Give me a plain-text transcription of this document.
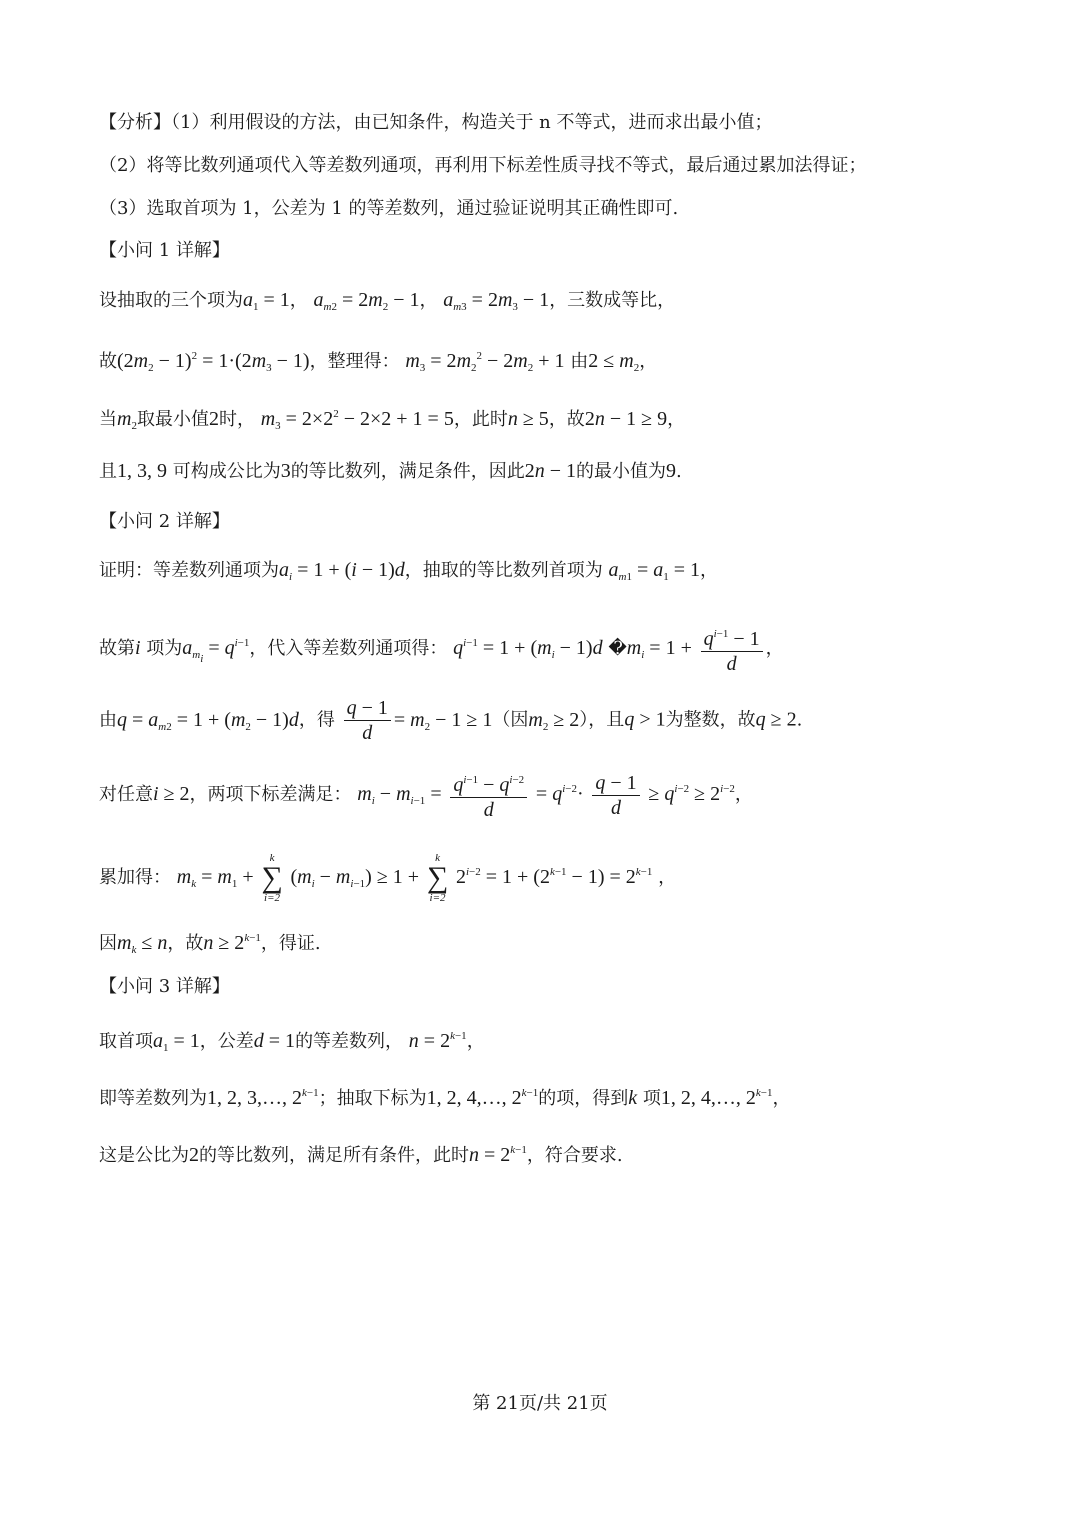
【分析】（1）利用假设的方法，由已知条件，构造关于 n 不等式，进而求出最小值；
（2）将等比数列通项代入等差数列通项，再利用下标差性质寻找不等式，最后通过累加法得证；
（3）选取首项为 1，公差为 1 的等差数列，通过验证说明其正确性即可.
【小问 1 详解】
设抽取的三个项为$a_1 = 1$， $a_{m2} = 2m_2 - 1$， $a_{m3} = 2m_3 - 1$，三数成等比，
故$(2m_2 - 1)^2 = 1\cdot(2m_3 - 1)$，整理得： $m_3 = 2m_2^2 - 2m_2 + 1$ 由$2 \le m_2$，
当$m_2$取最小值2时， $m_3 = 2\times 2^2 - 2\times 2 + 1 = 5$，此时n ≥ 5，故2n − 1 ≥ 9，
且1, 3, 9 可构成公比为3的等比数列，满足条件，因此2n − 1的最小值为9.
【小问 2 详解】
证明：等差数列通项为$a_i = 1 + (i - 1)d$，抽取的等比数列首项为 $a_{m1} = a_1 = 1$，
故第i 项为$a_{m_i} = q^{i-1}$，代入等差数列通项得： $q^{i-1} = 1 + (m_i - 1)d$ $�m_i = 1 + \frac{q^{i-1} - 1}{d}$ ，
由$q = a_{m2} = 1 + (m_2 - 1)d$，得 $\frac{q - 1}{d} = m_2 - 1 \ge 1$（因$m_2 \ge 2$），且q > 1为整数，故q ≥ 2.
对任意i ≥ 2，两项下标差满足： $m_i - m_{i-1} = \frac{q^{i-1} - q^{i-2}}{d} = q^{i-2}\cdot \frac{q - 1}{d} \ge q^{i-2} \ge 2^{i-2}$，
累加得： $m_k = m_1$ +
k
∑
i=2
$(m_i - m_{i-1}) \ge 1$ +
k
∑
i=2
$2^{i-2} = 1 + (2^{k-1} - 1) = 2^{k-1}$ ，
因$m_k \le n$，故$n \ge 2^{k-1}$，得证.
【小问 3 详解】
取首项$a_1 = 1$，公差d = 1的等差数列， $n = 2^{k-1}$，
即等差数列为1, 2, 3,…, $2^{k-1}$；抽取下标为1, 2, 4,…, $2^{k-1}$的项，得到k 项1, 2, 4,…, $2^{k-1}$，
这是公比为2的等比数列，满足所有条件，此时$n = 2^{k-1}$，符合要求.
第 21页/共 21页
